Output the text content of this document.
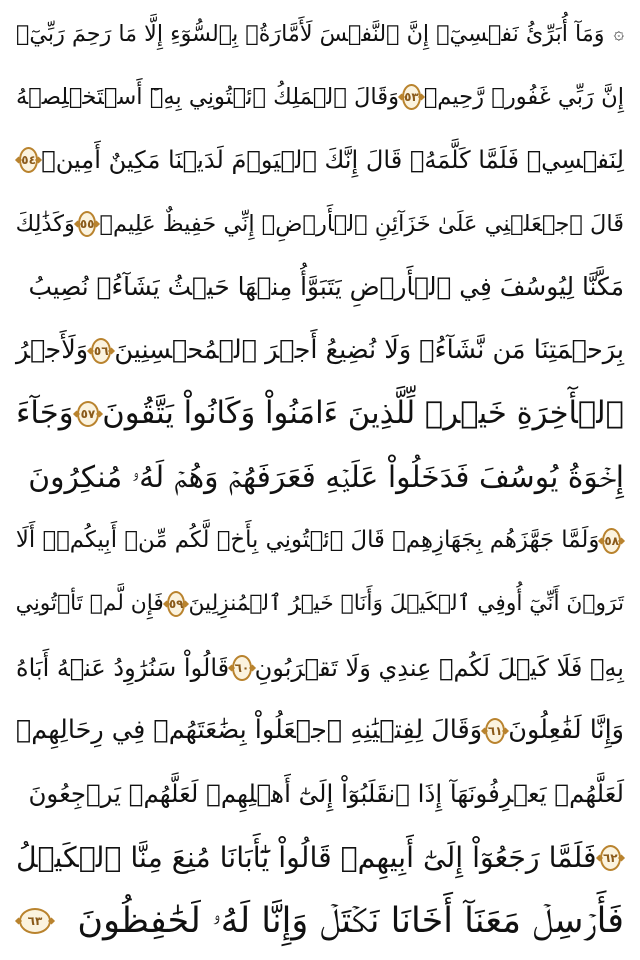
۞
وَمَآ أُبَرِّئُ نَفۡسِيٓۚ إِنَّ ٱلنَّفۡسَ لَأَمَّارَةُۢ بِٱلسُّوٓءِ إِلَّا مَا رَحِمَ رَبِّيٓۚ
إِنَّ رَبِّي غَفُورٞ رَّحِيمٞ
٥٣
وَقَالَ ٱلۡمَلِكُ ٱئۡتُونِي بِهِۦٓ أَسۡتَخۡلِصۡهُ
لِنَفۡسِيۖ فَلَمَّا كَلَّمَهُۥ قَالَ إِنَّكَ ٱلۡيَوۡمَ لَدَيۡنَا مَكِينٌ أَمِينٞ
٥٤
قَالَ ٱجۡعَلۡنِي عَلَىٰ خَزَآئِنِ ٱلۡأَرۡضِۖ إِنِّي حَفِيظٌ عَلِيمٞ
٥٥
وَكَذَٰلِكَ
مَكَّنَّا لِيُوسُفَ فِي ٱلۡأَرۡضِ يَتَبَوَّأُ مِنۡهَا حَيۡثُ يَشَآءُۚ نُصِيبُ
بِرَحۡمَتِنَا مَن نَّشَآءُۖ وَلَا نُضِيعُ أَجۡرَ ٱلۡمُحۡسِنِينَ
٥٦
وَلَأَجۡرُ
ٱلۡأٓخِرَةِ خَيۡرٞ لِّلَّذِينَ ءَامَنُواْ وَكَانُواْ يَتَّقُونَ
٥٧
وَجَآءَ
إِخۡوَةُ يُوسُفَ فَدَخَلُواْ عَلَيۡهِ فَعَرَفَهُمۡ وَهُمۡ لَهُۥ مُنكِرُونَ
٥٨
وَلَمَّا جَهَّزَهُم بِجَهَازِهِمۡ قَالَ ٱئۡتُونِي بِأَخٖ لَّكُم مِّنۡ أَبِيكُمۡۚ أَلَا
تَرَوۡنَ أَنِّيٓ أُوفِي ٱلۡكَيۡلَ وَأَنَا۠ خَيۡرُ ٱلۡمُنزِلِينَ
٥٩
فَإِن لَّمۡ تَأۡتُونِي
بِهِۦ فَلَا كَيۡلَ لَكُمۡ عِندِي وَلَا تَقۡرَبُونِ
٦٠
قَالُواْ سَنُرَٰوِدُ عَنۡهُ أَبَاهُ
وَإِنَّا لَفَٰعِلُونَ
٦١
وَقَالَ لِفِتۡيَٰنِهِ ٱجۡعَلُواْ بِضَٰعَتَهُمۡ فِي رِحَالِهِمۡ
لَعَلَّهُمۡ يَعۡرِفُونَهَآ إِذَا ٱنقَلَبُوٓاْ إِلَىٰٓ أَهۡلِهِمۡ لَعَلَّهُمۡ يَرۡجِعُونَ
٦٢
فَلَمَّا رَجَعُوٓاْ إِلَىٰٓ أَبِيهِمۡ قَالُواْ يَٰٓأَبَانَا مُنِعَ مِنَّا ٱلۡكَيۡلُ
فَأَرۡسِلۡ مَعَنَآ أَخَانَا نَكۡتَلۡ وَإِنَّا لَهُۥ لَحَٰفِظُونَ
٦٣
